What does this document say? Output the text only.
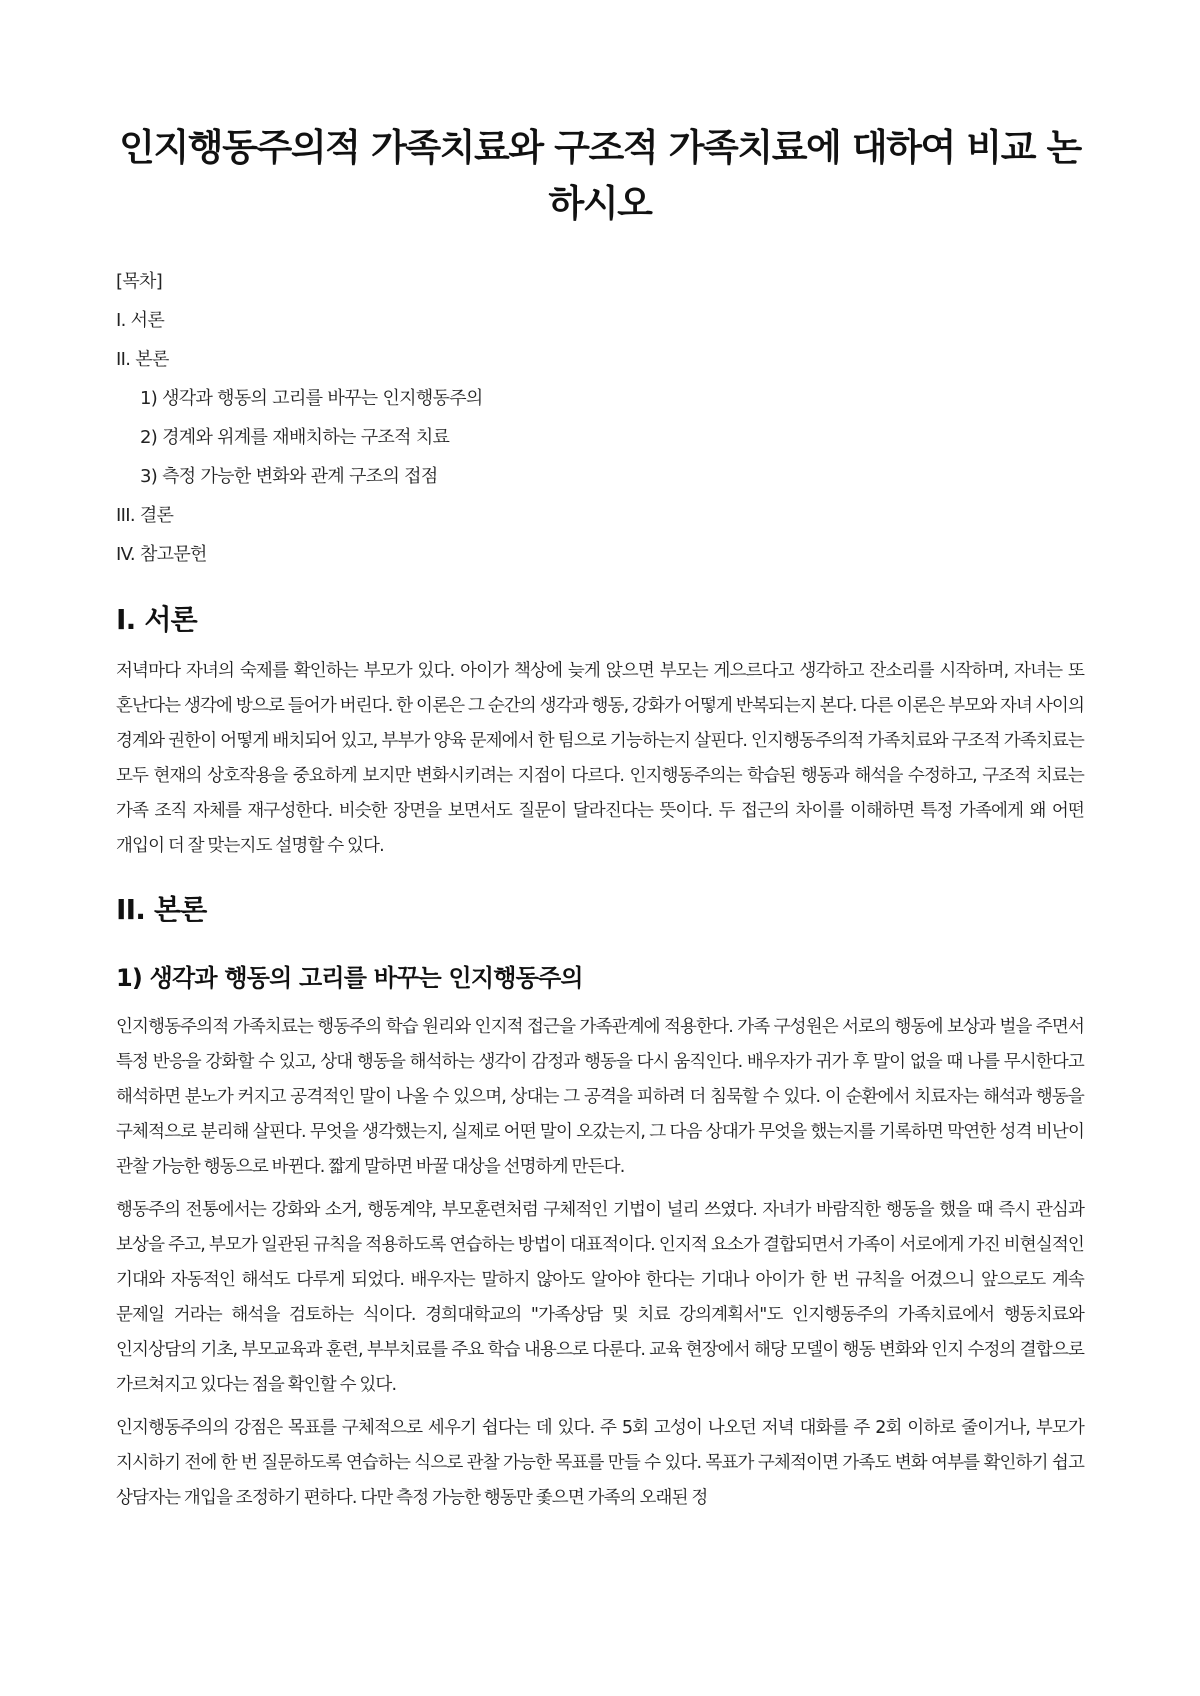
인지행동주의적 가족치료와 구조적 가족치료에 대하여 비교 논하시오

[목차]

I. 서론

II. 본론

1) 생각과 행동의 고리를 바꾸는 인지행동주의

2) 경계와 위계를 재배치하는 구조적 치료

3) 측정 가능한 변화와 관계 구조의 접점

III. 결론

IV. 참고문헌

I. 서론

저녁마다 자녀의 숙제를 확인하는 부모가 있다. 아이가 책상에 늦게 앉으면 부모는 게으르다고 생각하고 잔소리를 시작하며, 자녀는 또 혼난다는 생각에 방으로 들어가 버린다. 한 이론은 그 순간의 생각과 행동, 강화가 어떻게 반복되는지 본다. 다른 이론은 부모와 자녀 사이의 경계와 권한이 어떻게 배치되어 있고, 부부가 양육 문제에서 한 팀으로 기능하는지 살핀다. 인지행동주의적 가족치료와 구조적 가족치료는 모두 현재의 상호작용을 중요하게 보지만 변화시키려는 지점이 다르다. 인지행동주의는 학습된 행동과 해석을 수정하고, 구조적 치료는 가족 조직 자체를 재구성한다. 비슷한 장면을 보면서도 질문이 달라진다는 뜻이다. 두 접근의 차이를 이해하면 특정 가족에게 왜 어떤 개입이 더 잘 맞는지도 설명할 수 있다.

II. 본론
1) 생각과 행동의 고리를 바꾸는 인지행동주의

인지행동주의적 가족치료는 행동주의 학습 원리와 인지적 접근을 가족관계에 적용한다. 가족 구성원은 서로의 행동에 보상과 벌을 주면서 특정 반응을 강화할 수 있고, 상대 행동을 해석하는 생각이 감정과 행동을 다시 움직인다. 배우자가 귀가 후 말이 없을 때 나를 무시한다고 해석하면 분노가 커지고 공격적인 말이 나올 수 있으며, 상대는 그 공격을 피하려 더 침묵할 수 있다. 이 순환에서 치료자는 해석과 행동을 구체적으로 분리해 살핀다. 무엇을 생각했는지, 실제로 어떤 말이 오갔는지, 그 다음 상대가 무엇을 했는지를 기록하면 막연한 성격 비난이 관찰 가능한 행동으로 바뀐다. 짧게 말하면 바꿀 대상을 선명하게 만든다.

행동주의 전통에서는 강화와 소거, 행동계약, 부모훈련처럼 구체적인 기법이 널리 쓰였다. 자녀가 바람직한 행동을 했을 때 즉시 관심과 보상을 주고, 부모가 일관된 규칙을 적용하도록 연습하는 방법이 대표적이다. 인지적 요소가 결합되면서 가족이 서로에게 가진 비현실적인 기대와 자동적인 해석도 다루게 되었다. 배우자는 말하지 않아도 알아야 한다는 기대나 아이가 한 번 규칙을 어겼으니 앞으로도 계속 문제일 거라는 해석을 검토하는 식이다. 경희대학교의 "가족상담 및 치료 강의계획서"도 인지행동주의 가족치료에서 행동치료와 인지상담의 기초, 부모교육과 훈련, 부부치료를 주요 학습 내용으로 다룬다. 교육 현장에서 해당 모델이 행동 변화와 인지 수정의 결합으로 가르쳐지고 있다는 점을 확인할 수 있다.

인지행동주의의 강점은 목표를 구체적으로 세우기 쉽다는 데 있다. 주 5회 고성이 나오던 저녁 대화를 주 2회 이하로 줄이거나, 부모가 지시하기 전에 한 번 질문하도록 연습하는 식으로 관찰 가능한 목표를 만들 수 있다. 목표가 구체적이면 가족도 변화 여부를 확인하기 쉽고 상담자는 개입을 조정하기 편하다. 다만 측정 가능한 행동만 좇으면 가족의 오래된 정
